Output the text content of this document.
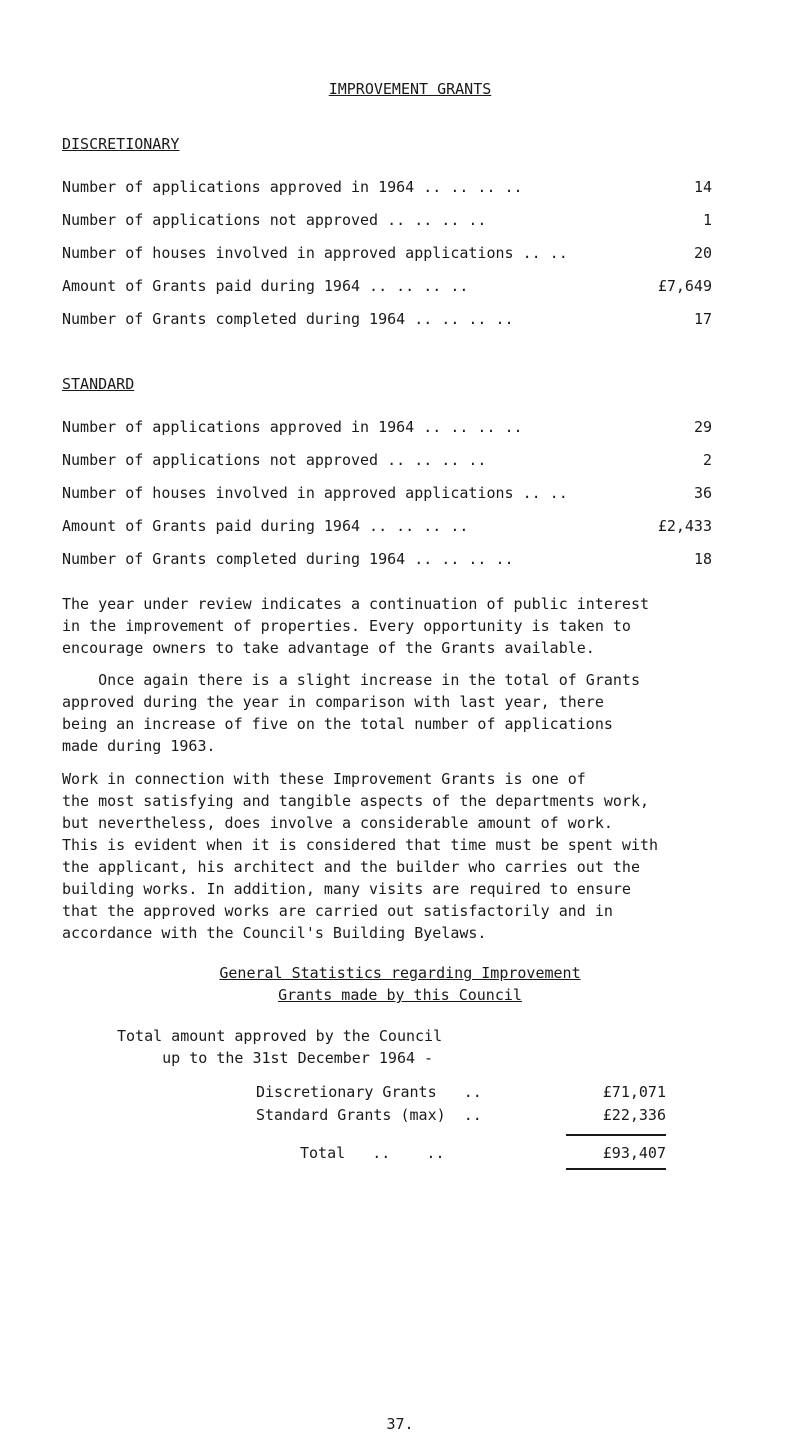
IMPROVEMENT GRANTS
DISCRETIONARY
Number of applications approved in 1964 .. .. .. ..	14
Number of applications not approved .. .. .. ..	1
Number of houses involved in approved applications .. ..	20
Amount of Grants paid during 1964 .. .. .. ..	£7,649
Number of Grants completed during 1964 .. .. .. ..	17
STANDARD
Number of applications approved in 1964 .. .. .. ..	29
Number of applications not approved .. .. .. ..	2
Number of houses involved in approved applications .. ..	36
Amount of Grants paid during 1964 .. .. .. ..	£2,433
Number of Grants completed during 1964 .. .. .. ..	18
The year under review indicates a continuation of public interest
in the improvement of properties. Every opportunity is taken to
encourage owners to take advantage of the Grants available.
Once again there is a slight increase in the total of Grants
approved during the year in comparison with last year, there
being an increase of five on the total number of applications
made during 1963.
Work in connection with these Improvement Grants is one of
the most satisfying and tangible aspects of the departments work,
but nevertheless, does involve a considerable amount of work.
This is evident when it is considered that time must be spent with
the applicant, his architect and the builder who carries out the
building works. In addition, many visits are required to ensure
that the approved works are carried out satisfactorily and in
accordance with the Council's Building Byelaws.
General Statistics regarding Improvement
Grants made by this Council
Total amount approved by the Council
up to the 31st December 1964 -
Discretionary Grants   ..	£71,071
Standard Grants (max)  ..	£22,336
Total   ..    ..	£93,407
37.
